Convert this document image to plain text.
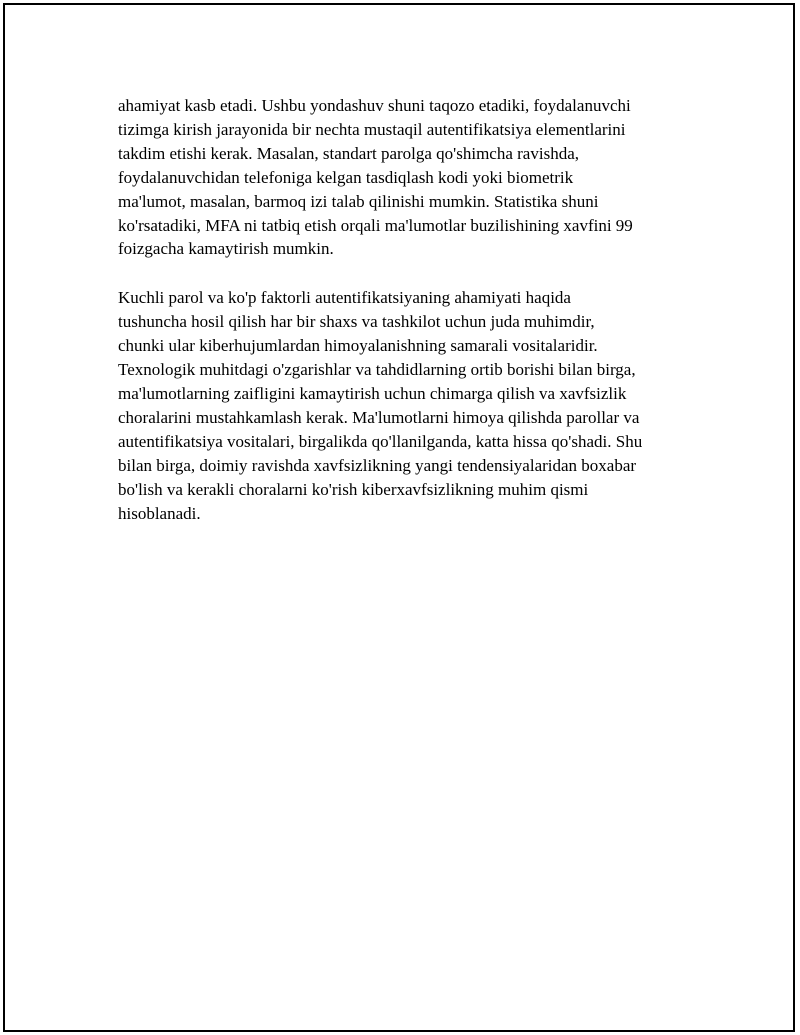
ahamiyat kasb etadi. Ushbu yondashuv shuni taqozo etadiki, foydalanuvchi
tizimga kirish jarayonida bir nechta mustaqil autentifikatsiya elementlarini
takdim etishi kerak. Masalan, standart parolga qo'shimcha ravishda,
foydalanuvchidan telefoniga kelgan tasdiqlash kodi yoki biometrik
ma'lumot, masalan, barmoq izi talab qilinishi mumkin. Statistika shuni
ko'rsatadiki, MFA ni tatbiq etish orqali ma'lumotlar buzilishining xavfini 99
foizgacha kamaytirish mumkin.

Kuchli parol va ko'p faktorli autentifikatsiyaning ahamiyati haqida
tushuncha hosil qilish har bir shaxs va tashkilot uchun juda muhimdir,
chunki ular kiberhujumlardan himoyalanishning samarali vositalaridir.
Texnologik muhitdagi o'zgarishlar va tahdidlarning ortib borishi bilan birga,
ma'lumotlarning zaifligini kamaytirish uchun chimarga qilish va xavfsizlik
choralarini mustahkamlash kerak. Ma'lumotlarni himoya qilishda parollar va
autentifikatsiya vositalari, birgalikda qo'llanilganda, katta hissa qo'shadi. Shu
bilan birga, doimiy ravishda xavfsizlikning yangi tendensiyalaridan boxabar
bo'lish va kerakli choralarni ko'rish kiberxavfsizlikning muhim qismi
hisoblanadi.
